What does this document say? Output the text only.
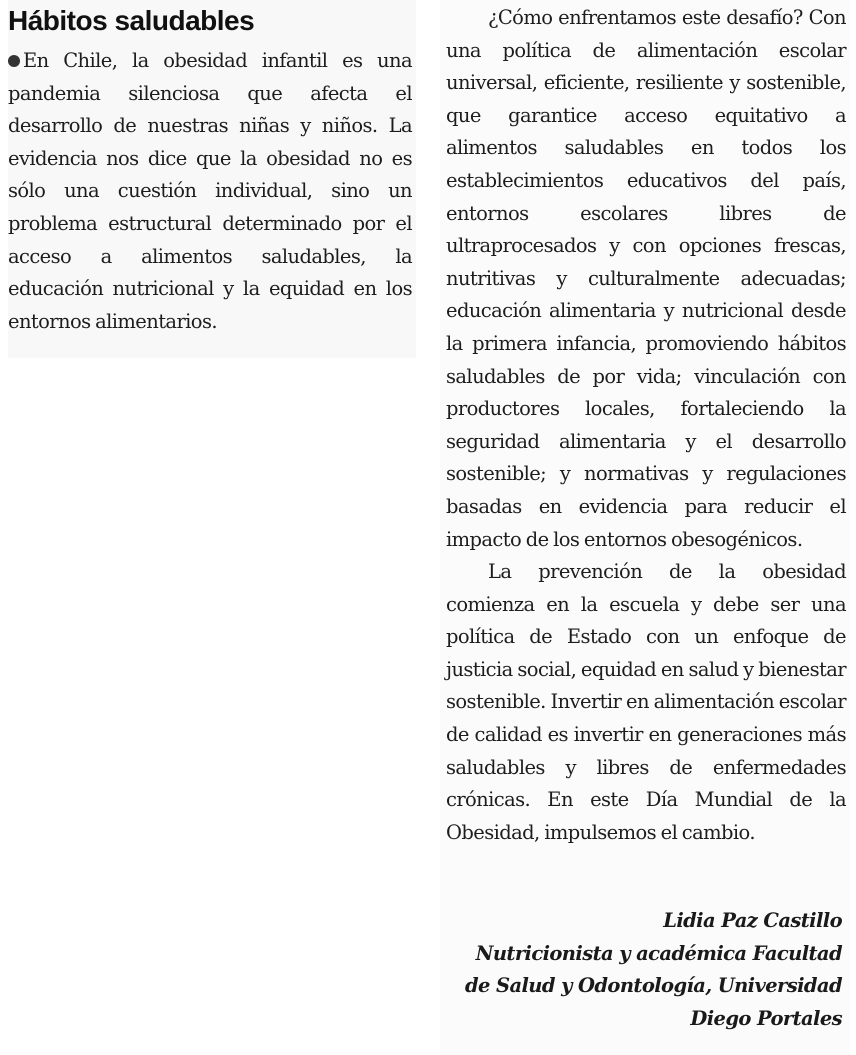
Hábitos saludables

En Chile, la obesidad infantil es una pandemia silenciosa que afecta el desarrollo de nuestras niñas y niños. La evidencia nos dice que la obesidad no es sólo una cuestión individual, sino un problema estructural determinado por el acceso a alimentos saludables, la educación nutricional y la equidad en los entornos alimentarios.

¿Cómo enfrentamos este desafío? Con una política de alimentación escolar universal, eficiente, resiliente y sostenible, que garantice acceso equitativo a alimentos saludables en todos los establecimientos educativos del país, entornos escolares libres de ultraprocesados y con opciones frescas, nutritivas y culturalmente adecuadas; educación alimentaria y nutricional desde la primera infancia, promoviendo hábitos saludables de por vida; vinculación con productores locales, fortaleciendo la seguridad alimentaria y el desarrollo sostenible; y normativas y regulaciones basadas en evidencia para reducir el impacto de los entornos obesogénicos.

La prevención de la obesidad comienza en la escuela y debe ser una política de Estado con un enfoque de justicia social, equidad en salud y bienestar sostenible. Invertir en alimentación escolar de calidad es invertir en generaciones más saludables y libres de enfermedades crónicas. En este Día Mundial de la Obesidad, impulsemos el cambio.

Lidia Paz Castillo
Nutricionista y académica Facultad
de Salud y Odontología, Universidad
Diego Portales
